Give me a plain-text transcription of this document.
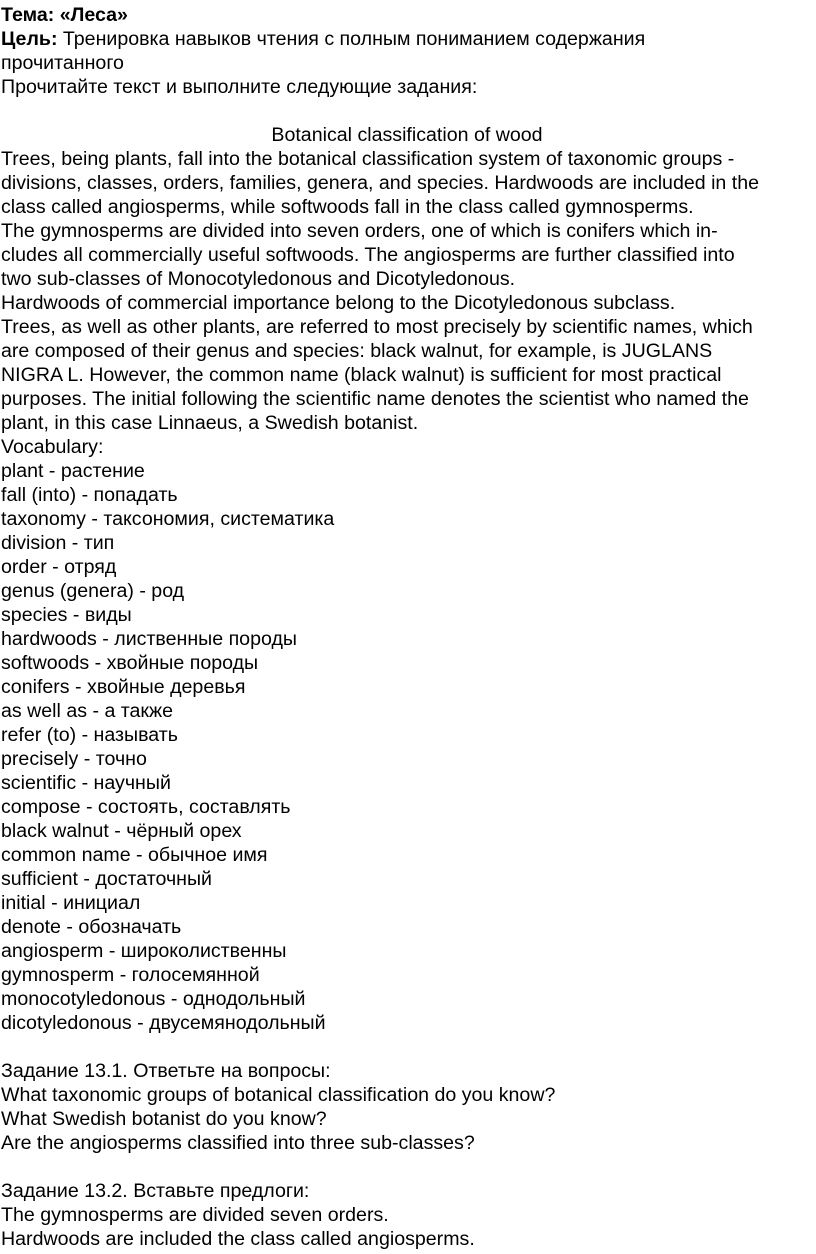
Тема: «Леса»
Цель: Тренировка навыков чтения с полным пониманием содержания
прочитанного
Прочитайте текст и выполните следующие задания:
Botanical classification of wood
Trees, being plants, fall into the botanical classification system of taxonomic groups -
divisions, classes, orders, families, genera, and species. Hardwoods are included in the
class called angiosperms, while softwoods fall in the class called gymnosperms.
The gymnosperms are divided into seven orders, one of which is conifers which in-
cludes all commercially useful softwoods. The angiosperms are further classified into
two sub-classes of Monocotyledonous and Dicotyledonous.
Hardwoods of commercial importance belong to the Dicotyledonous subclass.
Trees, as well as other plants, are referred to most precisely by scientific names, which
are composed of their genus and species: black walnut, for example, is JUGLANS
NIGRA L. However, the common name (black walnut) is sufficient for most practical
purposes. The initial following the scientific name denotes the scientist who named the
plant, in this case Linnaeus, a Swedish botanist.
Vocabulary:
plant - растение
fall (into) - попадать
taxonomy - таксономия, систематика
division - тип
order - отряд
genus (genera) - род
species - виды
hardwoods - лиственные породы
softwoods - хвойные породы
conifers - хвойные деревья
as well as - а также
refer (to) - называть
precisely - точно
scientific - научный
compose - состоять, составлять
black walnut - чёрный орех
common name - обычное имя
sufficient - достаточный
initial - инициал
denote - обозначать
angiosperm - широколиственны
gymnosperm - голосемянной
monocotyledonous - однодольный
dicotyledonous - двусемянодольный
Задание 13.1. Ответьте на вопросы:
What taxonomic groups of botanical classification do you know?
What Swedish botanist do you know?
Are the angiosperms classified into three sub-classes?
Задание 13.2. Вставьте предлоги:
The gymnosperms are divided seven orders.
Hardwoods are included the class called angiosperms.
